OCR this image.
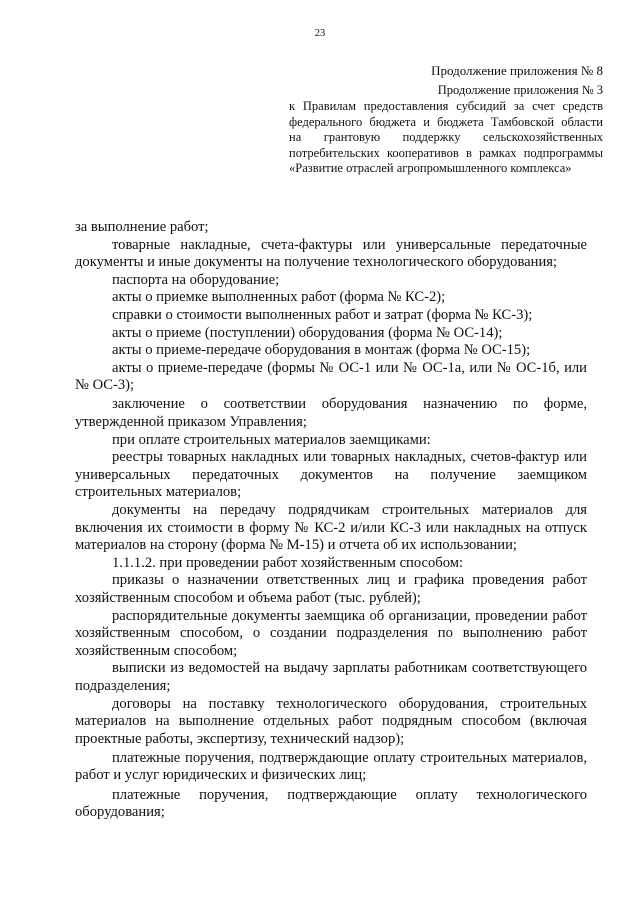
23
Продолжение приложения № 8
Продолжение приложения № 3
к Правилам предоставления субсидий за счет средств
федерального бюджета и бюджета Тамбовской области
на грантовую поддержку сельскохозяйственных
потребительских кооперативов в рамках подпрограммы
«Развитие отраслей агропромышленного комплекса»

за выполнение работ;

товарные накладные, счета-фактуры или универсальные передаточные документы и иные документы на получение технологического оборудования;

паспорта на оборудование;

акты о приемке выполненных работ (форма № КС-2);

справки о стоимости выполненных работ и затрат (форма № КС-3);

акты о приеме (поступлении) оборудования (форма № ОС-14);

акты о приеме-передаче оборудования в монтаж (форма № ОС-15);

акты о приеме-передаче (формы № ОС-1 или № ОС-1а, или № ОС-1б, или № ОС-3);

заключение о соответствии оборудования назначению по форме, утвержденной приказом Управления;

при оплате строительных материалов заемщиками:

реестры товарных накладных или товарных накладных, счетов-фактур или универсальных передаточных документов на получение заемщиком строительных материалов;

документы на передачу подрядчикам строительных материалов для включения их стоимости в форму № КС-2 и/или КС-3 или накладных на отпуск материалов на сторону (форма № М-15) и отчета об их использовании;

1.1.1.2. при проведении работ хозяйственным способом:

приказы о назначении ответственных лиц и графика проведения работ хозяйственным способом и объема работ (тыс. рублей);

распорядительные документы заемщика об организации, проведении работ хозяйственным способом, о создании подразделения по выполнению работ хозяйственным способом;

выписки из ведомостей на выдачу зарплаты работникам соответствующего подразделения;

договоры на поставку технологического оборудования, строительных материалов на выполнение отдельных работ подрядным способом (включая проектные работы, экспертизу, технический надзор);

платежные поручения, подтверждающие оплату строительных материалов, работ и услуг юридических и физических лиц;

платежные поручения, подтверждающие оплату технологического оборудования;
